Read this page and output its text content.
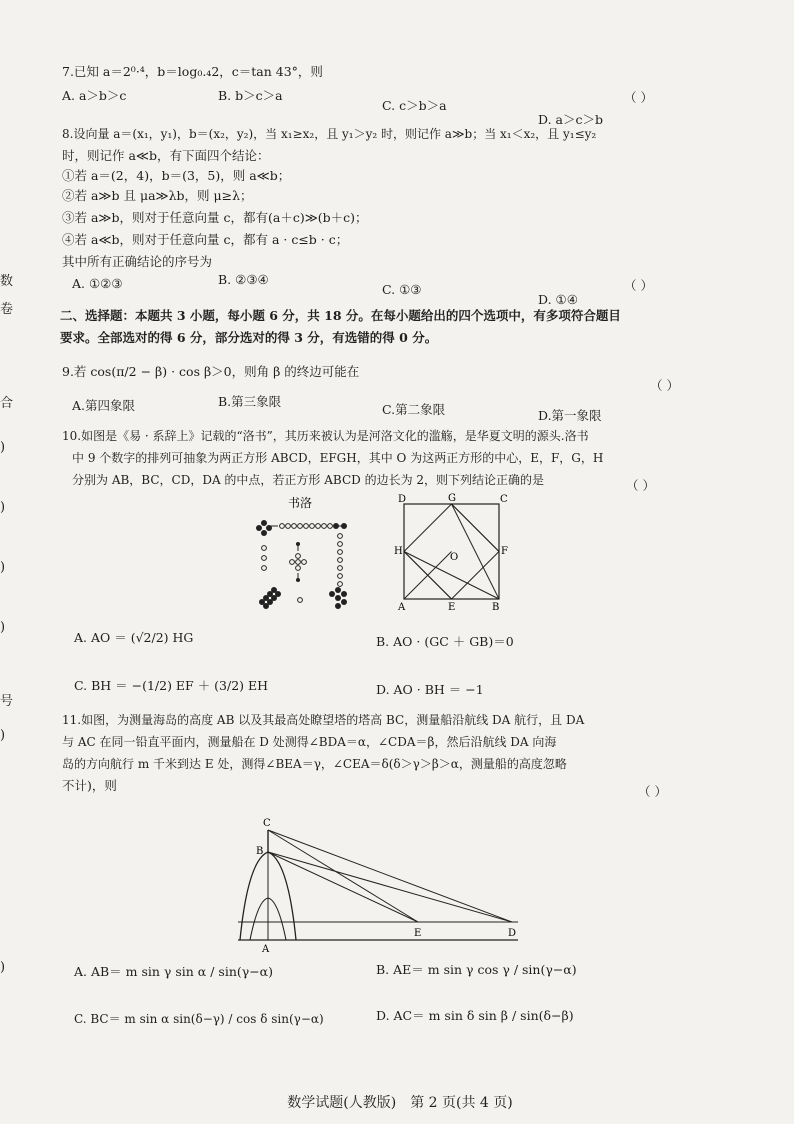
数
卷
合
)
)
)
)
号
)
)
7.已知 a＝2⁰·⁴，b＝log₀.₄2，c＝tan 43°，则
（ ）
A. a＞b＞c	B. b＞c＞a
C. c＞b＞a
D. a＞c＞b
8.设向量 a＝(x₁，y₁)，b＝(x₂，y₂)，当 x₁≥x₂，且 y₁＞y₂ 时，则记作 a≫b；当 x₁＜x₂，且 y₁≤y₂
时，则记作 a≪b，有下面四个结论：
①若 a＝(2，4)，b＝(3，5)，则 a≪b；
②若 a≫b 且 μa≫λb，则 μ≥λ；
③若 a≫b，则对于任意向量 c，都有(a＋c)≫(b＋c)；
④若 a≪b，则对于任意向量 c，都有 a · c≤b · c；
其中所有正确结论的序号为
（ ）
A. ①②③	B. ②③④
C. ①③
D. ①④
二、选择题：本题共 3 小题，每小题 6 分，共 18 分。在每小题给出的四个选项中，有多项符合题目
要求。全部选对的得 6 分，部分选对的得 3 分，有选错的得 0 分。
9.若 cos(π/2 − β) · cos β＞0，则角 β 的终边可能在
（ ）
A.第四象限	B.第三象限
C.第二象限	D.第一象限
10.如图是《易 · 系辞上》记载的“洛书”，其历来被认为是河洛文化的滥觞，是华夏文明的源头.洛书
中 9 个数字的排列可抽象为两正方形 ABCD，EFGH，其中 O 为这两正方形的中心，E，F，G，H
分别为 AB，BC，CD，DA 的中点，若正方形 ABCD 的边长为 2，则下列结论正确的是	（ ）
书洛	D	G	C
H	F
O
A	E	B
A. AO ＝ (√2/2) HG	B. AO · (GC ＋ GB)＝0
C. BH ＝ −(1/2) EF ＋ (3/2) EH	D. AO · BH ＝ −1
11.如图，为测量海岛的高度 AB 以及其最高处瞭望塔的塔高 BC，测量船沿航线 DA 航行，且 DA
与 AC 在同一铅直平面内，测量船在 D 处测得∠BDA＝α，∠CDA＝β，然后沿航线 DA 向海
岛的方向航行 m 千米到达 E 处，测得∠BEA＝γ，∠CEA＝δ(δ＞γ＞β＞α，测量船的高度忽略
不计)，则	（ ）
C
B
A
E	D
A. AB＝ m sin γ sin α / sin(γ−α)	B. AE＝ m sin γ cos γ / sin(γ−α)
C. BC＝ m sin α sin(δ−γ) / cos δ sin(γ−α)	D. AC＝ m sin δ sin β / sin(δ−β)
数学试题(人教版)　第 2 页(共 4 页)
